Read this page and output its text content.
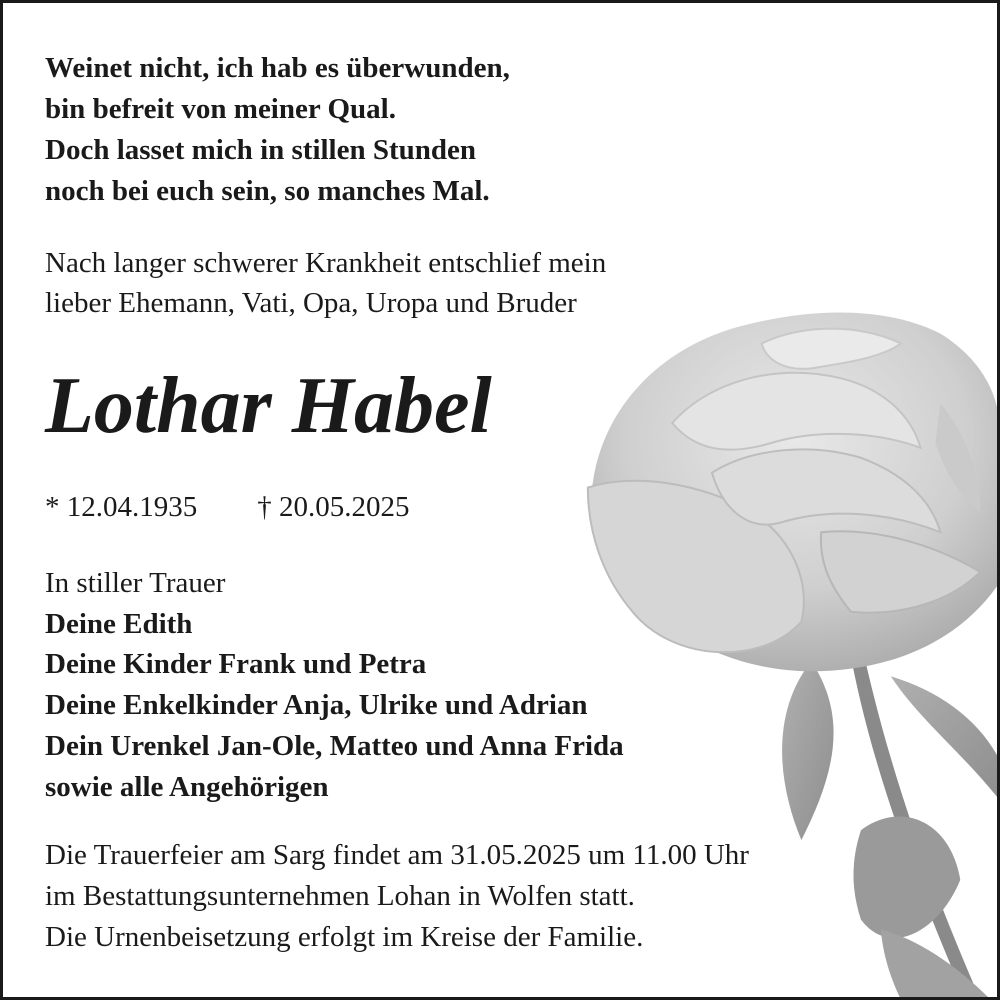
Weinet nicht, ich hab es überwunden,
bin befreit von meiner Qual.
Doch lasset mich in stillen Stunden
noch bei euch sein, so manches Mal.
Nach langer schwerer Krankheit entschlief mein
lieber Ehemann, Vati, Opa, Uropa und Bruder
Lothar Habel
* 12.04.1935 † 20.05.2025
In stiller Trauer
Deine Edith
Deine Kinder Frank und Petra
Deine Enkelkinder Anja, Ulrike und Adrian
Dein Urenkel Jan-Ole, Matteo und Anna Frida
sowie alle Angehörigen
Die Trauerfeier am Sarg findet am 31.05.2025 um 11.00 Uhr
im Bestattungsunternehmen Lohan in Wolfen statt.
Die Urnenbeisetzung erfolgt im Kreise der Familie.
